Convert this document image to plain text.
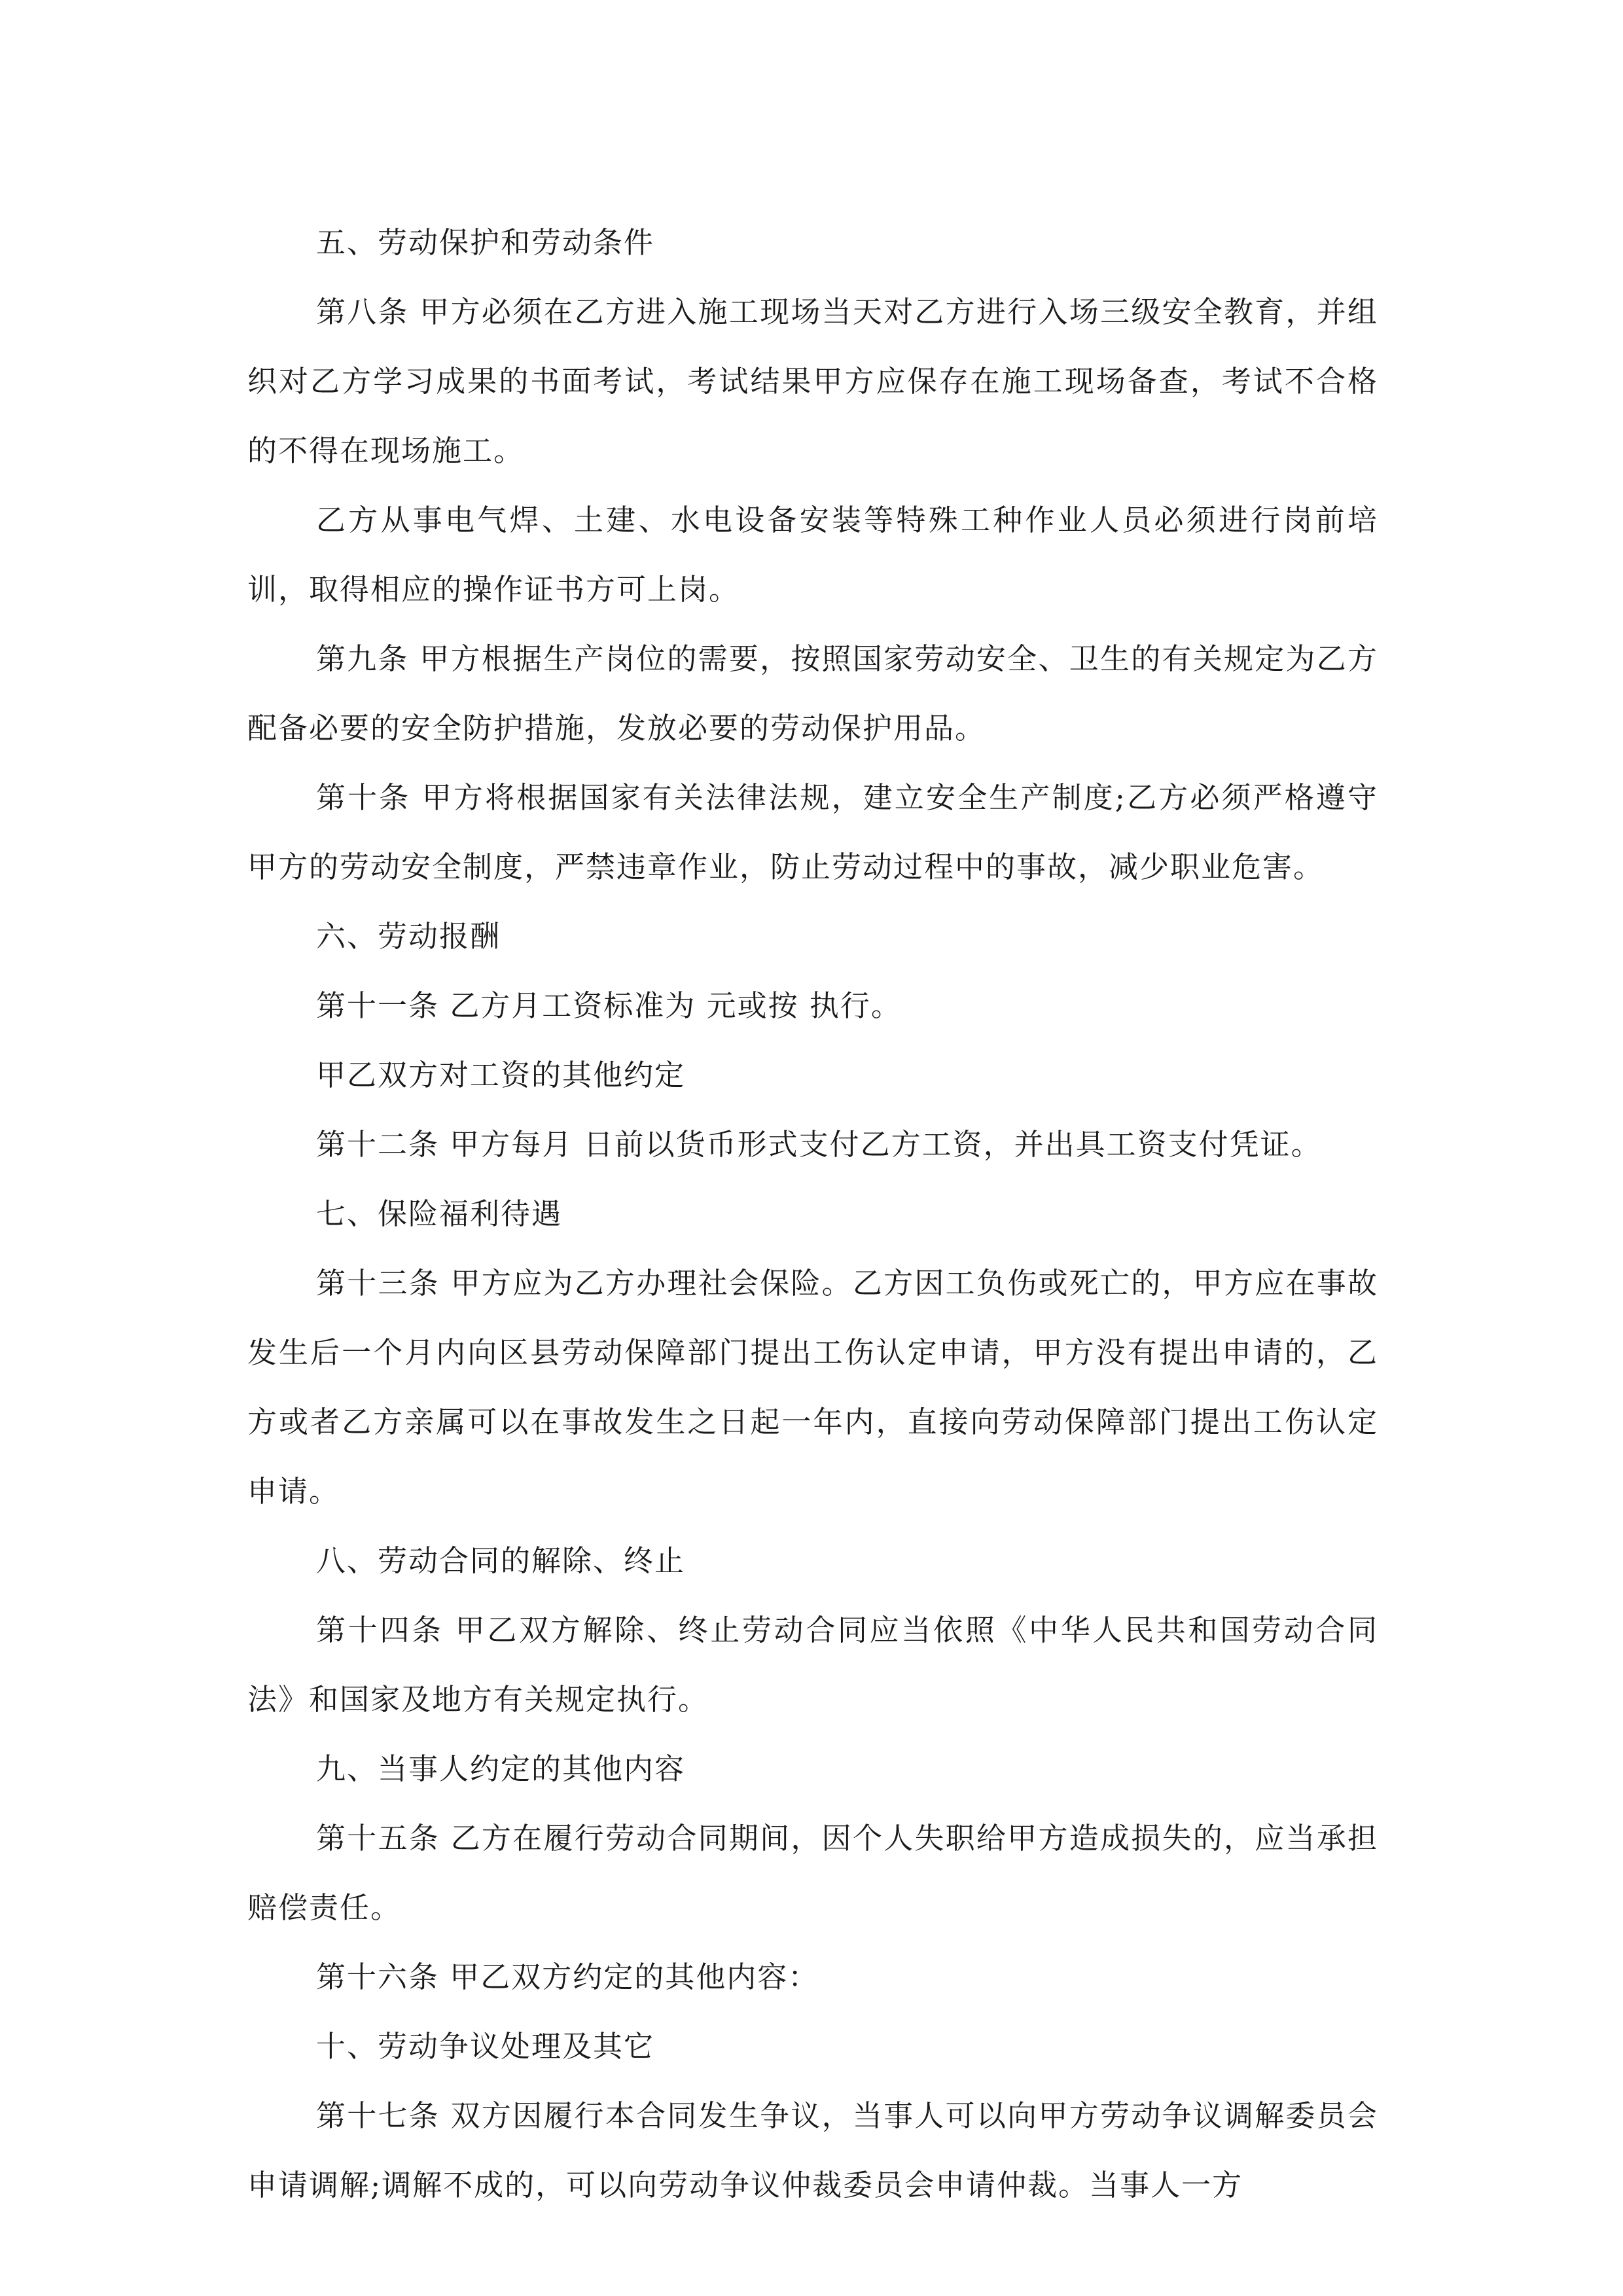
五、劳动保护和劳动条件

第八条 甲方必须在乙方进入施工现场当天对乙方进行入场三级安全教育，并组织对乙方学习成果的书面考试，考试结果甲方应保存在施工现场备查，考试不合格的不得在现场施工。

乙方从事电气焊、土建、水电设备安装等特殊工种作业人员必须进行岗前培训，取得相应的操作证书方可上岗。

第九条 甲方根据生产岗位的需要，按照国家劳动安全、卫生的有关规定为乙方配备必要的安全防护措施，发放必要的劳动保护用品。

第十条 甲方将根据国家有关法律法规，建立安全生产制度;乙方必须严格遵守甲方的劳动安全制度，严禁违章作业，防止劳动过程中的事故，减少职业危害。

六、劳动报酬

第十一条 乙方月工资标准为 元或按 执行。

甲乙双方对工资的其他约定

第十二条 甲方每月 日前以货币形式支付乙方工资，并出具工资支付凭证。

七、保险福利待遇

第十三条 甲方应为乙方办理社会保险。乙方因工负伤或死亡的，甲方应在事故发生后一个月内向区县劳动保障部门提出工伤认定申请，甲方没有提出申请的，乙方或者乙方亲属可以在事故发生之日起一年内，直接向劳动保障部门提出工伤认定申请。

八、劳动合同的解除、终止

第十四条 甲乙双方解除、终止劳动合同应当依照《中华人民共和国劳动合同法》和国家及地方有关规定执行。

九、当事人约定的其他内容

第十五条 乙方在履行劳动合同期间，因个人失职给甲方造成损失的，应当承担赔偿责任。

第十六条 甲乙双方约定的其他内容：

十、劳动争议处理及其它

第十七条 双方因履行本合同发生争议，当事人可以向甲方劳动争议调解委员会申请调解;调解不成的，可以向劳动争议仲裁委员会申请仲裁。当事人一方
